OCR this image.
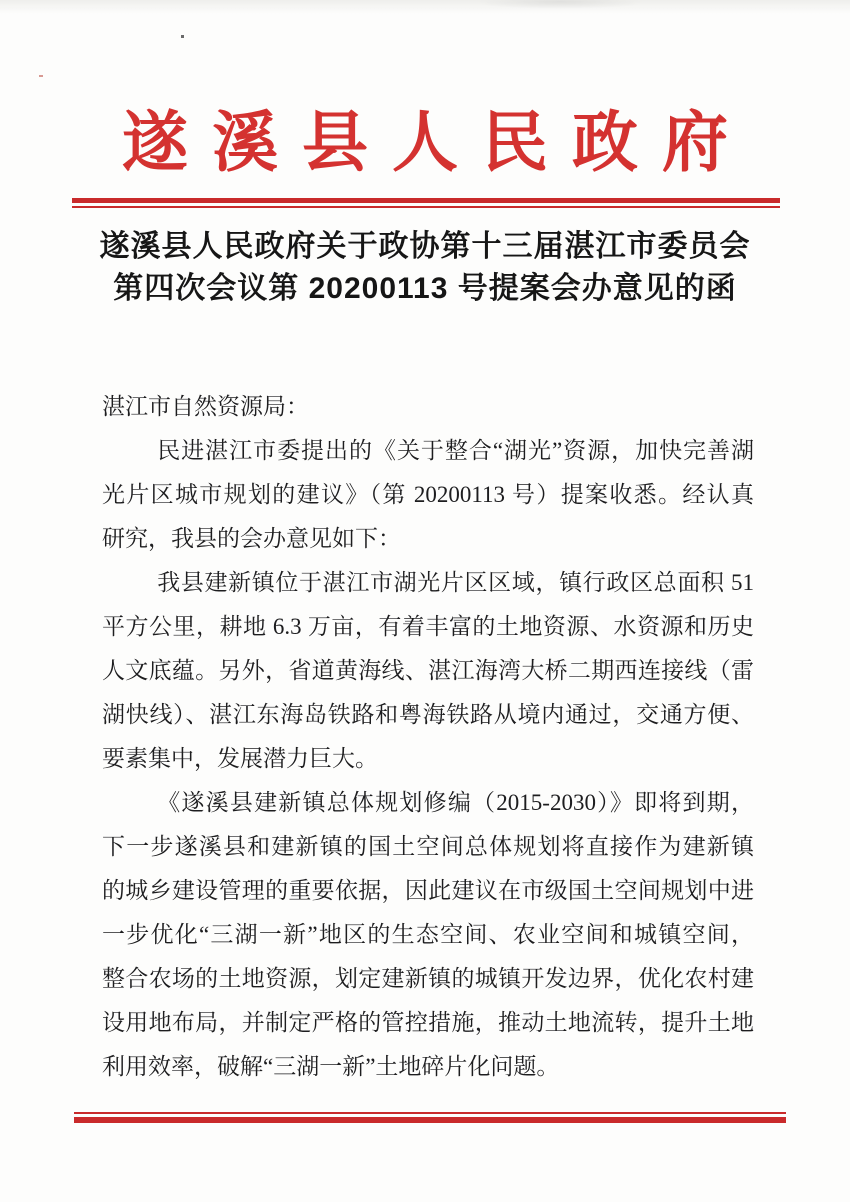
遂溪县人民政府
遂溪县人民政府关于政协第十三届湛江市委员会
第四次会议第 20200113 号提案会办意见的函
湛江市自然资源局：
民进湛江市委提出的《关于整合“湖光”资源，加快完善湖
光片区城市规划的建议》（第 20200113 号）提案收悉。经认真
研究，我县的会办意见如下：
我县建新镇位于湛江市湖光片区区域，镇行政区总面积 51
平方公里，耕地 6.3 万亩，有着丰富的土地资源、水资源和历史
人文底蕴。另外，省道黄海线、湛江海湾大桥二期西连接线（雷
湖快线）、湛江东海岛铁路和粤海铁路从境内通过，交通方便、
要素集中，发展潜力巨大。
《遂溪县建新镇总体规划修编（2015-2030）》即将到期，
下一步遂溪县和建新镇的国土空间总体规划将直接作为建新镇
的城乡建设管理的重要依据，因此建议在市级国土空间规划中进
一步优化“三湖一新”地区的生态空间、农业空间和城镇空间，
整合农场的土地资源，划定建新镇的城镇开发边界，优化农村建
设用地布局，并制定严格的管控措施，推动土地流转，提升土地
利用效率，破解“三湖一新”土地碎片化问题。
